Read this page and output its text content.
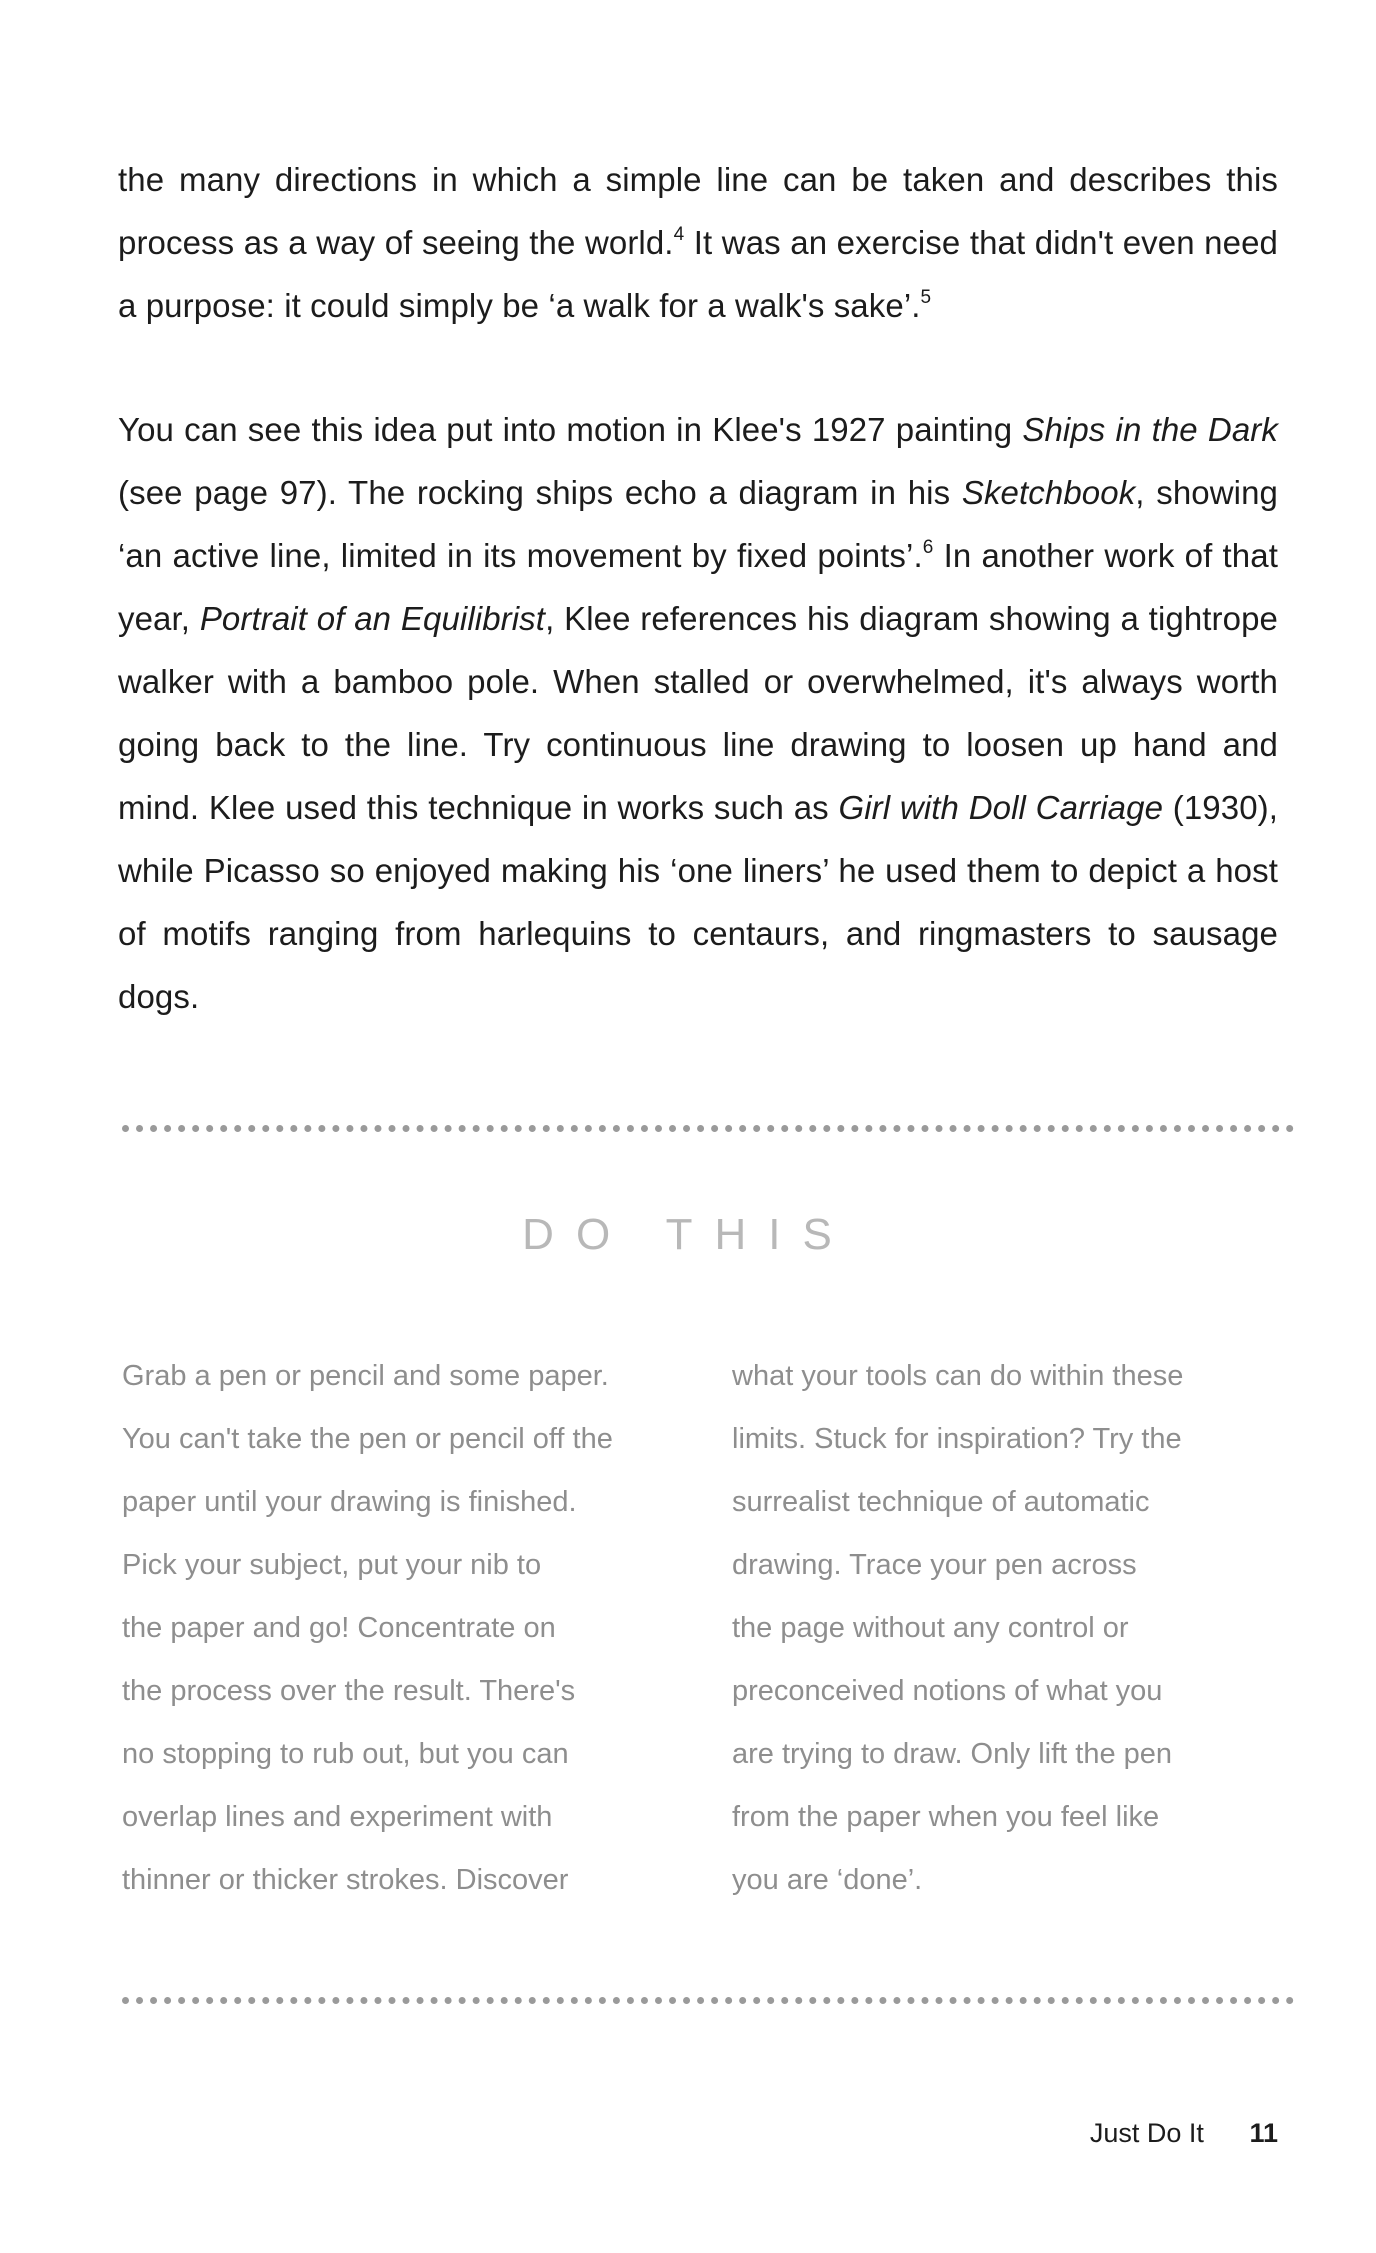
the many directions in which a simple line can be taken and describes this process as a way of seeing the world.$^4$ It was an exercise that didn't even need a purpose: it could simply be ‘a walk for a walk's sake’.$^5$

You can see this idea put into motion in Klee's 1927 painting Ships in the Dark (see page 97). The rocking ships echo a diagram in his Sketchbook, showing ‘an active line, limited in its movement by fixed points’.$^6$ In another work of that year, Portrait of an Equilibrist, Klee references his diagram showing a tightrope walker with a bamboo pole. When stalled or overwhelmed, it's always worth going back to the line. Try continuous line drawing to loosen up hand and mind. Klee used this technique in works such as Girl with Doll Carriage (1930), while Picasso so enjoyed making his ‘one liners’ he used them to depict a host of motifs ranging from harlequins to centaurs, and ringmasters to sausage dogs.

DO THIS

Grab a pen or pencil and some paper.
You can't take the pen or pencil off the
paper until your drawing is finished.
Pick your subject, put your nib to
the paper and go! Concentrate on
the process over the result. There's
no stopping to rub out, but you can
overlap lines and experiment with
thinner or thicker strokes. Discover

what your tools can do within these
limits. Stuck for inspiration? Try the
surrealist technique of automatic
drawing. Trace your pen across
the page without any control or
preconceived notions of what you
are trying to draw. Only lift the pen
from the paper when you feel like
you are ‘done’.

Just Do It 11
